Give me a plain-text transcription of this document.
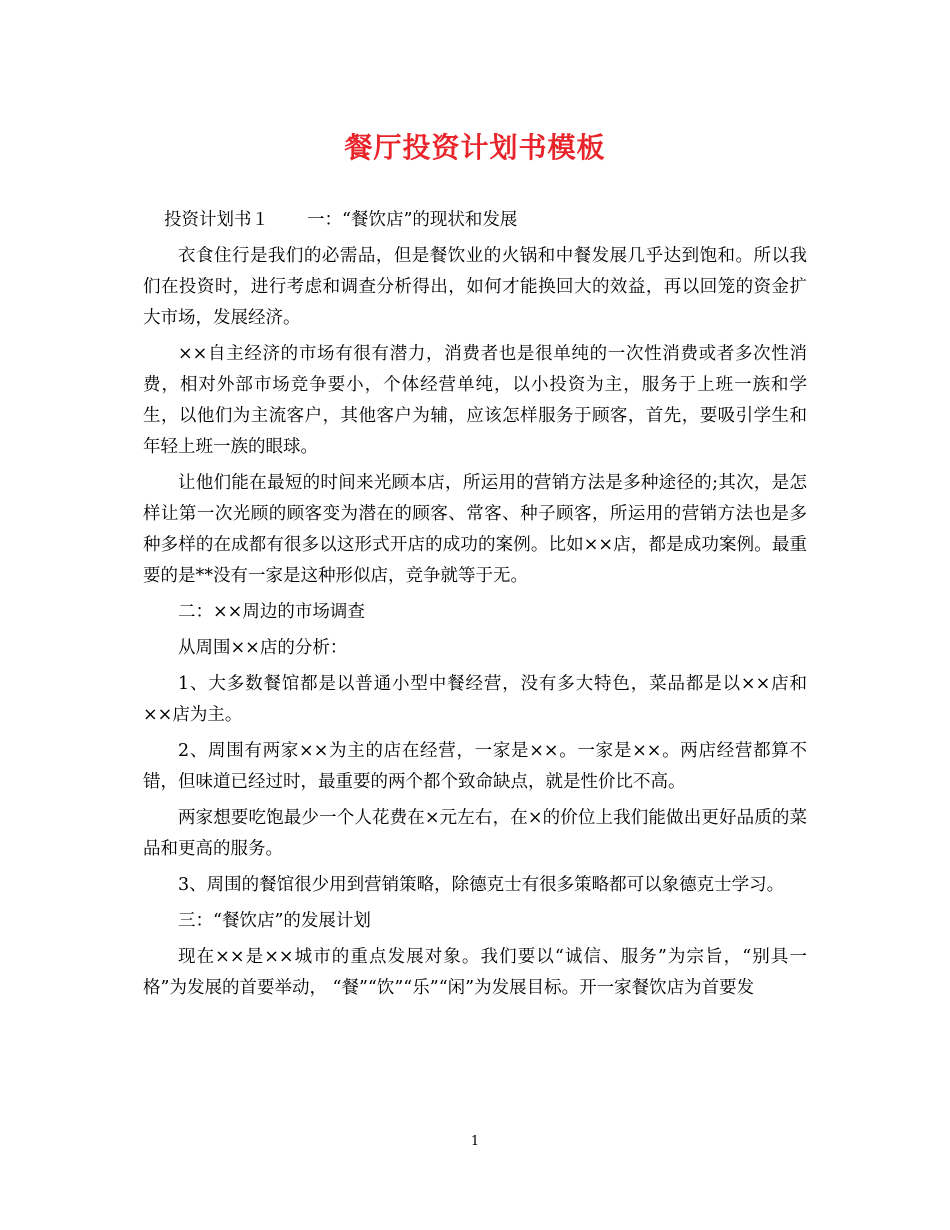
餐厅投资计划书模板

投资计划书１ 一：“餐饮店”的现状和发展

衣食住行是我们的必需品，但是餐饮业的火锅和中餐发展几乎达到饱和。所以我们在投资时，进行考虑和调查分析得出，如何才能换回大的效益，再以回笼的资金扩大市场，发展经济。

××自主经济的市场有很有潜力，消费者也是很单纯的一次性消费或者多次性消费，相对外部市场竞争要小，个体经营单纯，以小投资为主，服务于上班一族和学生，以他们为主流客户，其他客户为辅，应该怎样服务于顾客，首先，要吸引学生和年轻上班一族的眼球。

让他们能在最短的时间来光顾本店，所运用的营销方法是多种途径的;其次，是怎样让第一次光顾的顾客变为潜在的顾客、常客、种子顾客，所运用的营销方法也是多种多样的在成都有很多以这形式开店的成功的案例。比如××店，都是成功案例。最重要的是**没有一家是这种形似店，竞争就等于无。

二：××周边的市场调查

从周围××店的分析：

1、大多数餐馆都是以普通小型中餐经营，没有多大特色，菜品都是以××店和××店为主。

2、周围有两家××为主的店在经营，一家是××。一家是××。两店经营都算不错，但味道已经过时，最重要的两个都个致命缺点，就是性价比不高。

两家想要吃饱最少一个人花费在×元左右，在×的价位上我们能做出更好品质的菜品和更高的服务。

3、周围的餐馆很少用到营销策略，除德克士有很多策略都可以象德克士学习。

三：“餐饮店”的发展计划

现在××是××城市的重点发展对象。我们要以“诚信、服务”为宗旨，“别具一格”为发展的首要举动， “餐”“饮”“乐”“闲”为发展目标。开一家餐饮店为首要发

1
